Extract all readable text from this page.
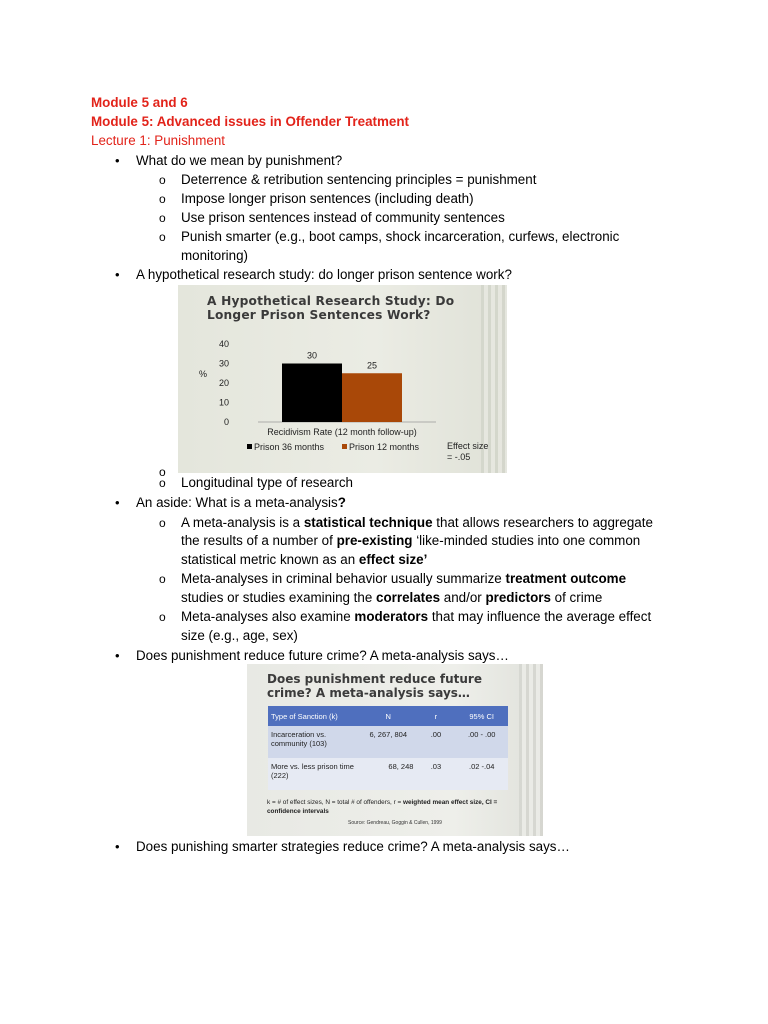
Module 5 and 6
Module 5: Advanced issues in Offender Treatment
Lecture 1: Punishment
• What do we mean by punishment?
o Deterrence & retribution sentencing principles = punishment
o Impose longer prison sentences (including death)
o Use prison sentences instead of community sentences
o Punish smarter (e.g., boot camps, shock incarceration, curfews, electronic
monitoring)
• A hypothetical research study: do longer prison sentence work?
A Hypothetical Research Study: Do
Longer Prison Sentences Work?
40
30
20
10
0
%
30
25
Recidivism Rate (12 month follow-up)
Prison 36 months	Prison 12 months	Effect size
= -.05
o
o Longitudinal type of research
• An aside: What is a meta-analysis?
o A meta-analysis is a statistical technique that allows researchers to aggregate
the results of a number of pre-existing ‘like-minded studies into one common
statistical metric known as an effect size’
o Meta-analyses in criminal behavior usually summarize treatment outcome
studies or studies examining the correlates and/or predictors of crime
o Meta-analyses also examine moderators that may influence the average effect
size (e.g., age, sex)
• Does punishment reduce future crime? A meta-analysis says…
Does punishment reduce future
crime? A meta-analysis says…
Type of Sanction (k)	N	r	95% CI
Incarceration vs. community (103)	6, 267, 804	.00	.00 - .00
More vs. less prison time (222)	68, 248	.03	.02 -.04
k = # of effect sizes, N = total # of offenders, r = weighted mean effect size, CI = confidence intervals
Source: Gendreau, Goggin & Cullen, 1999
• Does punishing smarter strategies reduce crime? A meta-analysis says…
